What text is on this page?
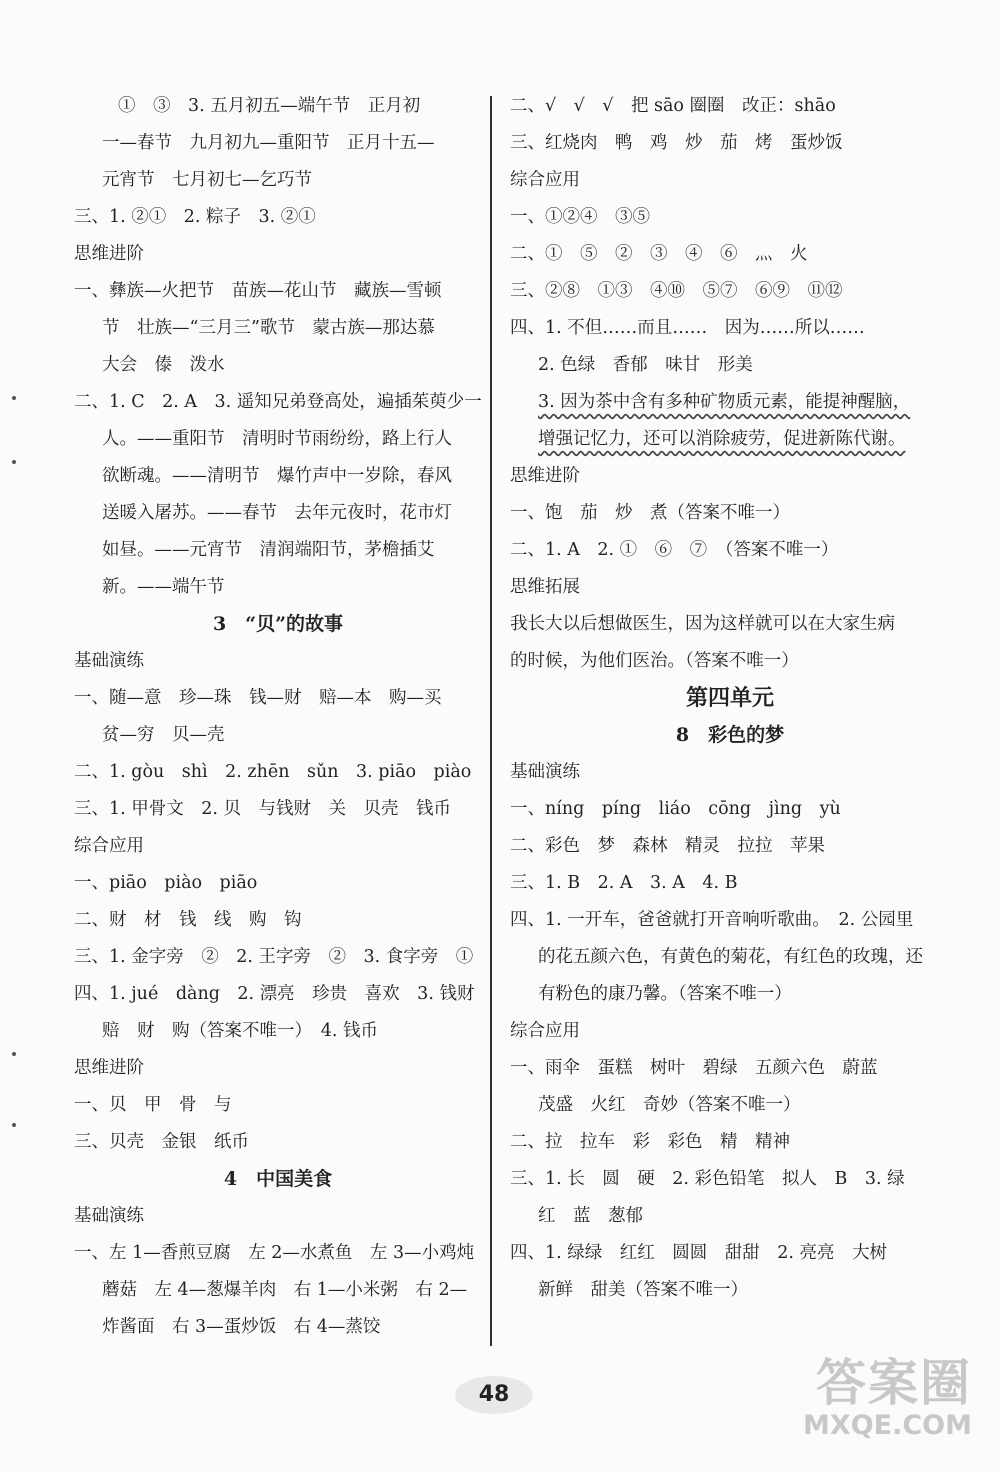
①　③　3. 五月初五—端午节　正月初
一—春节　九月初九—重阳节　正月十五—
元宵节　七月初七—乞巧节
三、1. ②①　2. 粽子　3. ②①
思维进阶
一、彝族—火把节　苗族—花山节　藏族—雪顿
节　壮族—“三月三”歌节　蒙古族—那达慕
大会　傣　泼水
二、1. C　2. A　3. 遥知兄弟登高处，遍插茱萸少一
人。——重阳节　清明时节雨纷纷，路上行人
欲断魂。——清明节　爆竹声中一岁除，春风
送暖入屠苏。——春节　去年元夜时，花市灯
如昼。——元宵节　清润端阳节，茅檐插艾
新。——端午节
3　“贝”的故事
基础演练
一、随—意　珍—珠　钱—财　赔—本　购—买
贫—穷　贝—壳
二、1. gòu　shì　2. zhēn　sǔn　3. piāo　piào
三、1. 甲骨文　2. 贝　与钱财　关　贝壳　钱币
综合应用
一、piāo　piào　piāo
二、财　材　钱　线　购　钩
三、1. 金字旁　②　2. 王字旁　②　3. 食字旁　①
四、1. jué　dàng　2. 漂亮　珍贵　喜欢　3. 钱财
赔　财　购（答案不唯一）　4. 钱币
思维进阶
一、贝　甲　骨　与
三、贝壳　金银　纸币
4　中国美食
基础演练
一、左 1—香煎豆腐　左 2—水煮鱼　左 3—小鸡炖
蘑菇　左 4—葱爆羊肉　右 1—小米粥　右 2—
炸酱面　右 3—蛋炒饭　右 4—蒸饺
二、√　√　√　把 sāo 圈圈　改正：shāo
三、红烧肉　鸭　鸡　炒　茄　烤　蛋炒饭
综合应用
一、①②④　③⑤
二、①　⑤　②　③　④　⑥　灬　火
三、②⑧　①③　④⑩　⑤⑦　⑥⑨　⑪⑫
四、1. 不但……而且……　因为……所以……
2. 色绿　香郁　味甘　形美
3. 因为茶中含有多种矿物质元素，能提神醒脑，
增强记忆力，还可以消除疲劳，促进新陈代谢。
思维进阶
一、饱　茄　炒　煮（答案不唯一）
二、1. A　2. ①　⑥　⑦　（答案不唯一）
思维拓展
我长大以后想做医生，因为这样就可以在大家生病
的时候，为他们医治。（答案不唯一）
第四单元
8　彩色的梦
基础演练
一、níng　píng　liáo　cōng　jìng　yù
二、彩色　梦　森林　精灵　拉拉　苹果
三、1. B　2. A　3. A　4. B
四、1. 一开车，爸爸就打开音响听歌曲。　2. 公园里
的花五颜六色，有黄色的菊花，有红色的玫瑰，还
有粉色的康乃馨。（答案不唯一）
综合应用
一、雨伞　蛋糕　树叶　碧绿　五颜六色　蔚蓝
茂盛　火红　奇妙（答案不唯一）
二、拉　拉车　彩　彩色　精　精神
三、1. 长　圆　硬　2. 彩色铅笔　拟人　B　3. 绿
红　蓝　葱郁
四、1. 绿绿　红红　圆圆　甜甜　2. 亮亮　大树
新鲜　甜美（答案不唯一）
48	答案圈
MXQE.COM
